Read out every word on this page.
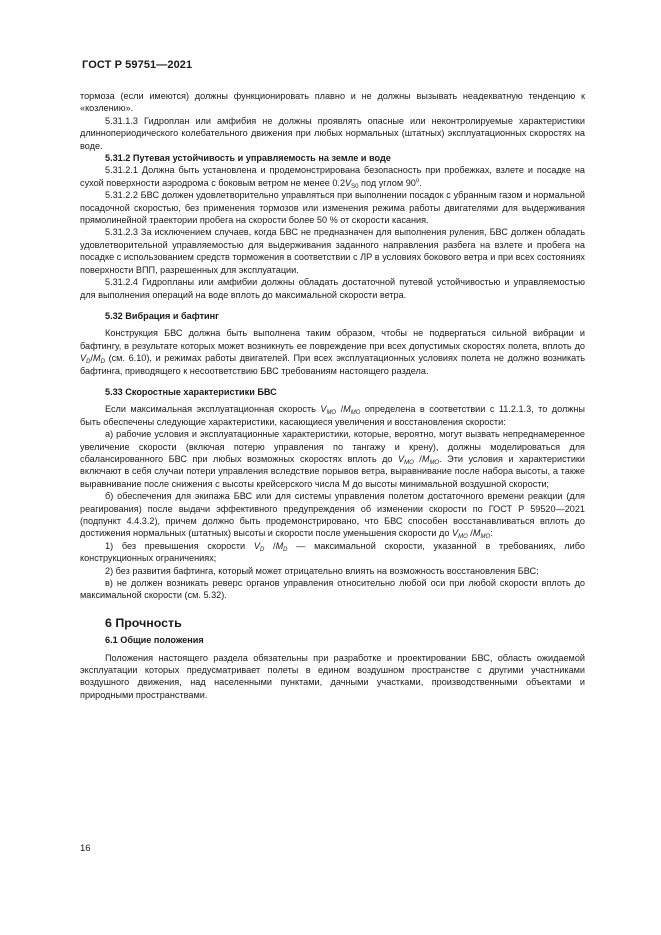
ГОСТ Р 59751—2021

тормоза (если имеются) должны функционировать плавно и не должны вызывать неадекватную тенденцию к «козлению».

5.31.1.3 Гидроплан или амфибия не должны проявлять опасные или неконтролируемые характеристики длиннопериодического колебательного движения при любых нормальных (штатных) эксплуатационных скоростях на воде.

5.31.2 Путевая устойчивость и управляемость на земле и воде

5.31.2.1 Должна быть установлена и продемонстрирована безопасность при пробежках, взлете и посадке на сухой поверхности аэродрома с боковым ветром не менее $0.2V_{S0}$ под углом $90^о$.

5.31.2.2 БВС должен удовлетворительно управляться при выполнении посадок с убранным газом и нормальной посадочной скоростью, без применения тормозов или изменения режима работы двигателями для выдерживания прямолинейной траектории пробега на скорости более 50 % от скорости касания.

5.31.2.3 За исключением случаев, когда БВС не предназначен для выполнения руления, БВС должен обладать удовлетворительной управляемостью для выдерживания заданного направления разбега на взлете и пробега на посадке с использованием средств торможения в соответствии с ЛР в условиях бокового ветра и при всех состояниях поверхности ВПП, разрешенных для эксплуатации.

5.31.2.4 Гидропланы или амфибии должны обладать достаточной путевой устойчивостью и управляемостью для выполнения операций на воде вплоть до максимальной скорости ветра.

5.32 Вибрация и бафтинг

Конструкция БВС должна быть выполнена таким образом, чтобы не подвергаться сильной вибрации и бафтингу, в результате которых может возникнуть ее повреждение при всех допустимых скоростях полета, вплоть до $V_D/M_D$ (см. 6.10), и режимах работы двигателей. При всех эксплуатационных условиях полета не должно возникать бафтинга, приводящего к несоответствию БВС требованиям настоящего раздела.

5.33 Скоростные характеристики БВС

Если максимальная эксплуатационная скорость $V_{MO}$ $/M_{MO}$ определена в соответствии с 11.2.1.3, то должны быть обеспечены следующие характеристики, касающиеся увеличения и восстановления скорости:

а) рабочие условия и эксплуатационные характеристики, которые, вероятно, могут вызвать непреднамеренное увеличение скорости (включая потерю управления по тангажу и крену), должны моделироваться для сбалансированного БВС при любых возможных скоростях вплоть до $V_{MO}$ $/M_{MO}$. Эти условия и характеристики включают в себя случаи потери управления вследствие порывов ветра, выравнивание после набора высоты, а также выравнивание после снижения с высоты крейсерского числа М до высоты минимальной воздушной скорости;

б) обеспечения для экипажа БВС или для системы управления полетом достаточного времени реакции (для реагирования) после выдачи эффективного предупреждения об изменении скорости по ГОСТ Р 59520—2021 (подпункт 4.4.3.2), причем должно быть продемонстрировано, что БВС способен восстанавливаться вплоть до достижения нормальных (штатных) высоты и скорости после уменьшения скорости до $V_{MO}$ $/M_{MO}$:

1) без превышения скорости $V_D$ $/M_D$ — максимальной скорости, указанной в требованиях, либо конструкционных ограничениях;

2) без развития бафтинга, который может отрицательно влиять на возможность восстановления БВС;

в) не должен возникать реверс органов управления относительно любой оси при любой скорости вплоть до максимальной скорости (см. 5.32).

6 Прочность

6.1 Общие положения

Положения настоящего раздела обязательны при разработке и проектировании БВС, область ожидаемой эксплуатации которых предусматривает полеты в едином воздушном пространстве с другими участниками воздушного движения, над населенными пунктами, дачными участками, производственными объектами и природными пространствами.

16
